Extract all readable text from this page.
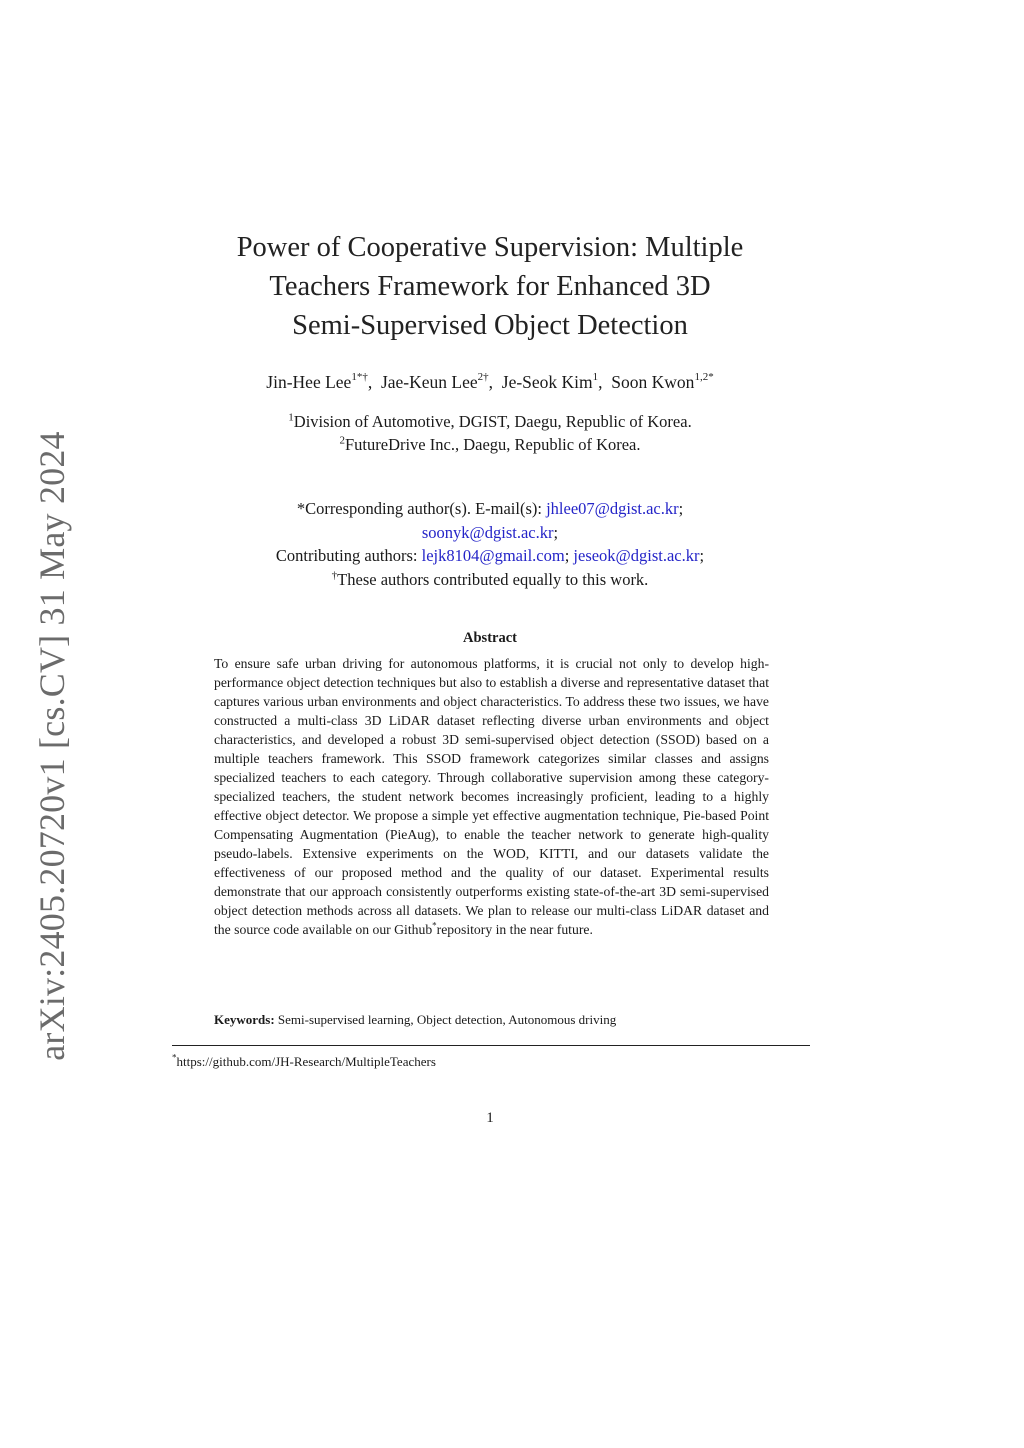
arXiv:2405.20720v1 [cs.CV] 31 May 2024
Power of Cooperative Supervision: Multiple
Teachers Framework for Enhanced 3D
Semi-Supervised Object Detection
Jin-Hee Lee$^{1*\dagger}$,  Jae-Keun Lee$^{2\dagger}$,  Je-Seok Kim$^1$,  Soon Kwon$^{1,2*}$
$^1$Division of Automotive, DGIST, Daegu, Republic of Korea.
$^2$FutureDrive Inc., Daegu, Republic of Korea.
*Corresponding author(s). E-mail(s): jhlee07@dgist.ac.kr;
soonyk@dgist.ac.kr;
Contributing authors: lejk8104@gmail.com; jeseok@dgist.ac.kr;
†These authors contributed equally to this work.
Abstract
To ensure safe urban driving for autonomous platforms, it is crucial not only to develop high-performance object detection techniques but also to establish a diverse and representative dataset that captures various urban environments and object characteristics. To address these two issues, we have constructed a multi-class 3D LiDAR dataset reflecting diverse urban environments and object characteristics, and developed a robust 3D semi-supervised object detection (SSOD) based on a multiple teachers framework. This SSOD framework categorizes similar classes and assigns specialized teachers to each category. Through collaborative supervision among these category-specialized teachers, the student network becomes increasingly proficient, leading to a highly effective object detector. We propose a simple yet effective augmentation technique, Pie-based Point Compensating Augmentation (PieAug), to enable the teacher network to generate high-quality pseudo-labels. Extensive experiments on the WOD, KITTI, and our datasets validate the effectiveness of our proposed method and the quality of our dataset. Experimental results demonstrate that our approach consistently outperforms existing state-of-the-art 3D semi-supervised object detection methods across all datasets. We plan to release our multi-class LiDAR dataset and the source code available on our Github*repository in the near future.
Keywords: Semi-supervised learning, Object detection, Autonomous driving
*https://github.com/JH-Research/MultipleTeachers
1
